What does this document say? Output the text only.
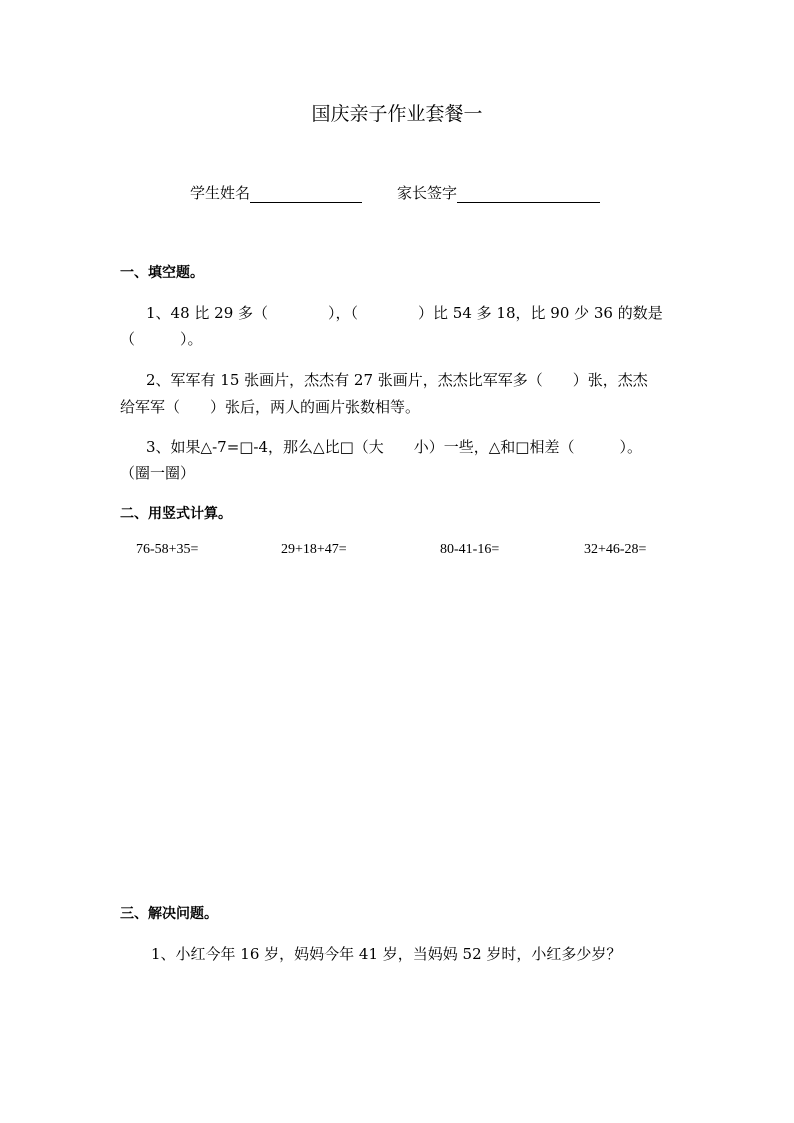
国庆亲子作业套餐一
学生姓名	家长签字
一、填空题。
1、48 比 29 多（　　　　），（　　　　）比 54 多 18，比 90 少 36 的数是
（　　　）。
2、军军有 15 张画片，杰杰有 27 张画片，杰杰比军军多（　　）张，杰杰
给军军（　　）张后，两人的画片张数相等。
3、如果△-7=□-4，那么△比□（大　　小）一些，△和□相差（　　　）。
（圈一圈）
二、用竖式计算。
76-58+35=	29+18+47=	80-41-16=	32+46-28=
三、解决问题。
1、小红今年 16 岁，妈妈今年 41 岁，当妈妈 52 岁时，小红多少岁？
